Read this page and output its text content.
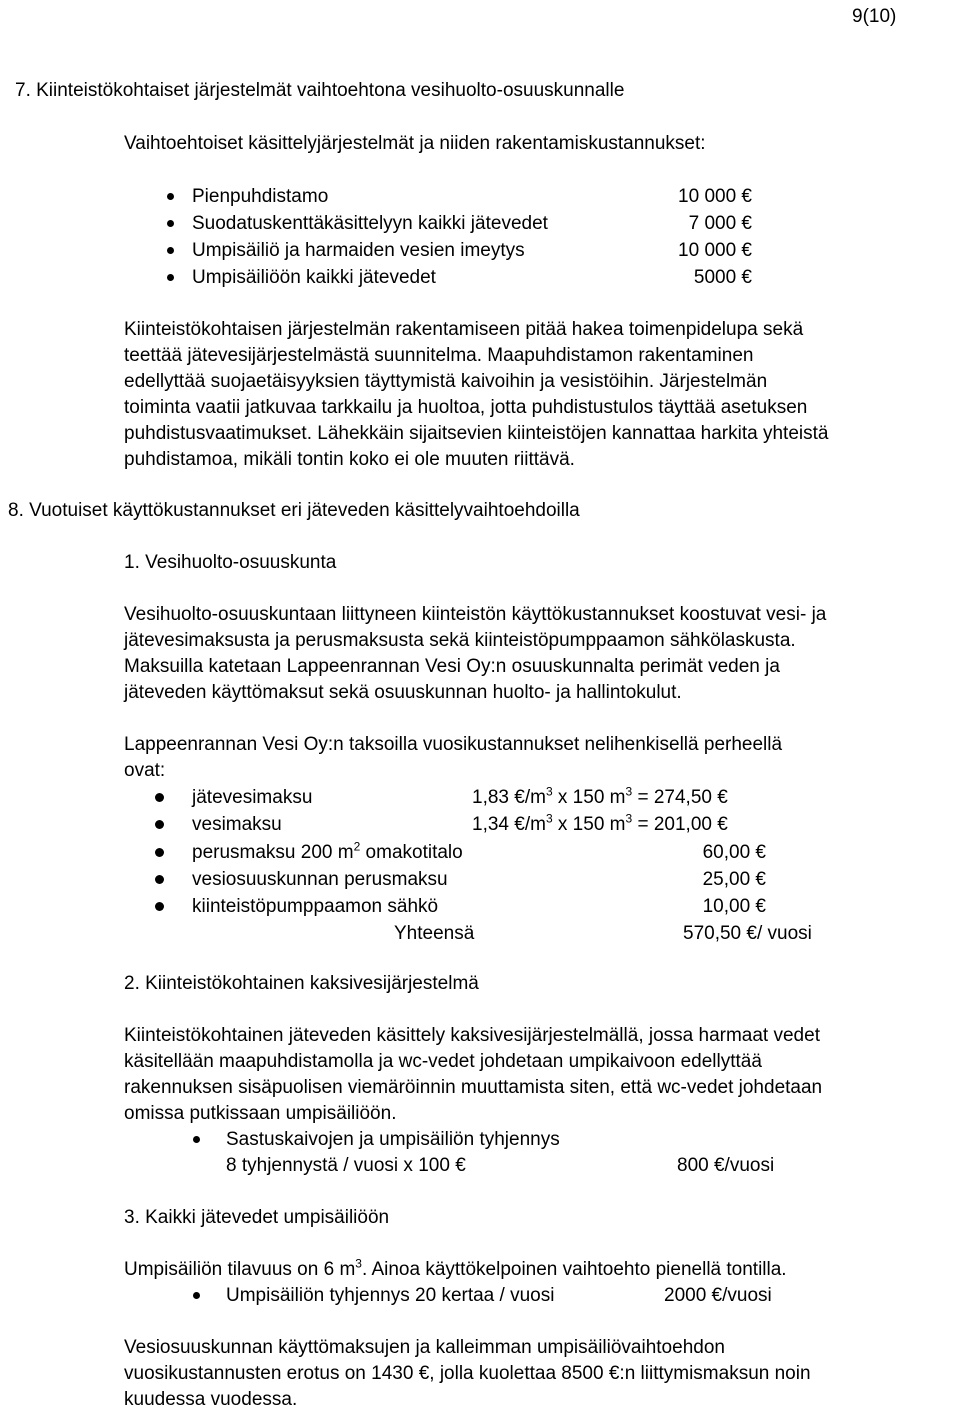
9(10)
7. Kiinteistökohtaiset järjestelmät vaihtoehtona vesihuolto-osuuskunnalle
Vaihtoehtoiset käsittelyjärjestelmät ja niiden rakentamiskustannukset:
Pienpuhdistamo	10 000 €
Suodatuskenttäkäsittelyyn kaikki jätevedet	7 000 €
Umpisäiliö ja harmaiden vesien imeytys	10 000 €
Umpisäiliöön kaikki jätevedet	5000 €
Kiinteistökohtaisen järjestelmän rakentamiseen pitää hakea toimenpidelupa sekä
teettää jätevesijärjestelmästä suunnitelma. Maapuhdistamon rakentaminen
edellyttää suojaetäisyyksien täyttymistä kaivoihin ja vesistöihin. Järjestelmän
toiminta vaatii jatkuvaa tarkkailu ja huoltoa, jotta puhdistustulos täyttää asetuksen
puhdistusvaatimukset. Lähekkäin sijaitsevien kiinteistöjen kannattaa harkita yhteistä
puhdistamoa, mikäli tontin koko ei ole muuten riittävä.
8. Vuotuiset käyttökustannukset eri jäteveden käsittelyvaihtoehdoilla
1. Vesihuolto-osuuskunta
Vesihuolto-osuuskuntaan liittyneen kiinteistön käyttökustannukset koostuvat vesi- ja
jätevesimaksusta ja perusmaksusta sekä kiinteistöpumppaamon sähkölaskusta.
Maksuilla katetaan Lappeenrannan Vesi Oy:n osuuskunnalta perimät veden ja
jäteveden käyttömaksut sekä osuuskunnan huolto- ja hallintokulut.
Lappeenrannan Vesi Oy:n taksoilla vuosikustannukset nelihenkisellä perheellä
ovat:
jätevesimaksu	1,83 $€/m^3$ x 150 $m^3 = 274,50$ €
vesimaksu	1,34 $€/m^3$ x 150 $m^3 = 201,00$ €
perusmaksu 200 $m^2$ omakotitalo	60,00 €
vesiosuuskunnan perusmaksu	25,00 €
kiinteistöpumppaamon sähkö	10,00 €
Yhteensä	570,50 €/ vuosi
2. Kiinteistökohtainen kaksivesijärjestelmä
Kiinteistökohtainen jäteveden käsittely kaksivesijärjestelmällä, jossa harmaat vedet
käsitellään maapuhdistamolla ja wc-vedet johdetaan umpikaivoon edellyttää
rakennuksen sisäpuolisen viemäröinnin muuttamista siten, että wc-vedet johdetaan
omissa putkissaan umpisäiliöön.
Sastuskaivojen ja umpisäiliön tyhjennys
8 tyhjennystä / vuosi x 100 €	800 €/vuosi
3. Kaikki jätevedet umpisäiliöön
Umpisäiliön tilavuus on 6 $m^3$. Ainoa käyttökelpoinen vaihtoehto pienellä tontilla.
Umpisäiliön tyhjennys 20 kertaa / vuosi	2000 €/vuosi
Vesiosuuskunnan käyttömaksujen ja kalleimman umpisäiliövaihtoehdon
vuosikustannusten erotus on 1430 €, jolla kuolettaa 8500 €:n liittymismaksun noin
kuudessa vuodessa.
